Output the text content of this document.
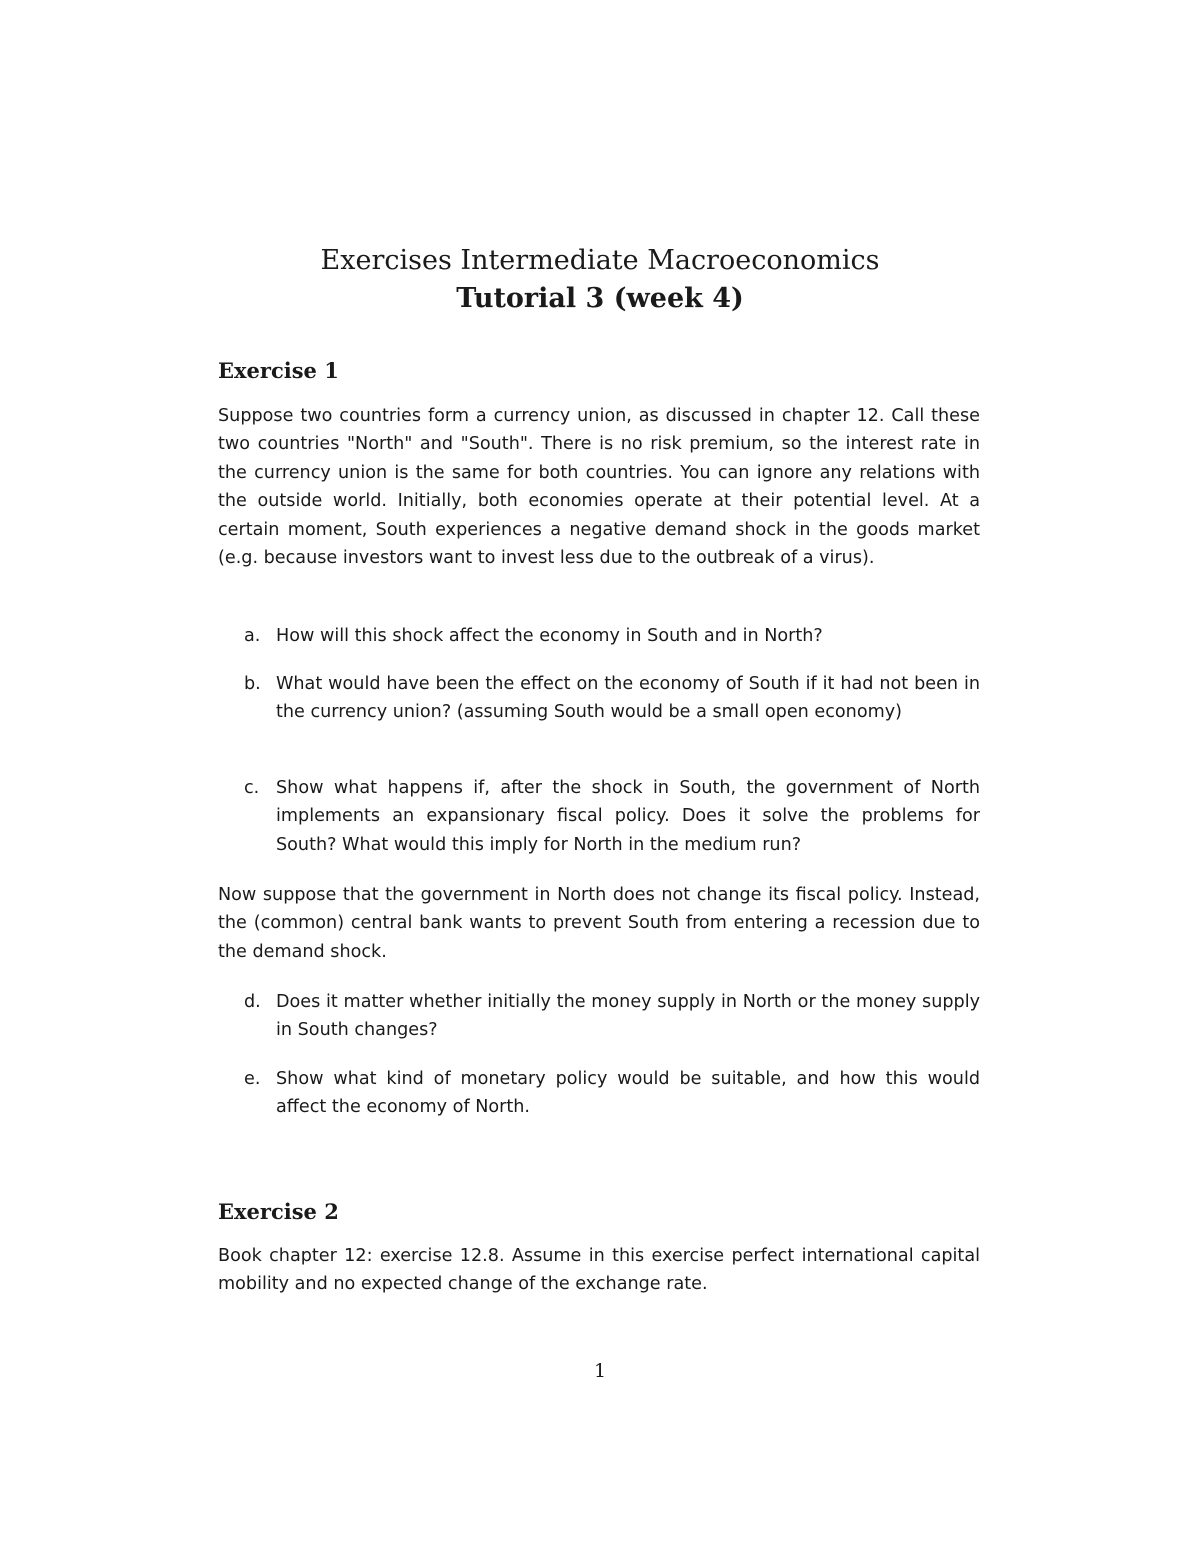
Exercises Intermediate Macroeconomics
Tutorial 3 (week 4)
Exercise 1
Suppose two countries form a currency union, as discussed in chapter 12. Call these two countries "North" and "South". There is no risk premium, so the interest rate in the currency union is the same for both countries. You can ignore any relations with the outside world. Initially, both economies operate at their potential level. At a certain moment, South experiences a negative demand shock in the goods market (e.g. because investors want to invest less due to the outbreak of a virus).
a. How will this shock affect the economy in South and in North?
b. What would have been the effect on the economy of South if it had not been in the currency union? (assuming South would be a small open economy)
c. Show what happens if, after the shock in South, the government of North implements an expansionary fiscal policy. Does it solve the problems for South? What would this imply for North in the medium run?
Now suppose that the government in North does not change its fiscal policy. Instead, the (common) central bank wants to prevent South from entering a recession due to the demand shock.
d. Does it matter whether initially the money supply in North or the money supply in South changes?
e. Show what kind of monetary policy would be suitable, and how this would affect the economy of North.
Exercise 2
Book chapter 12: exercise 12.8. Assume in this exercise perfect international capital mobility and no expected change of the exchange rate.
1
